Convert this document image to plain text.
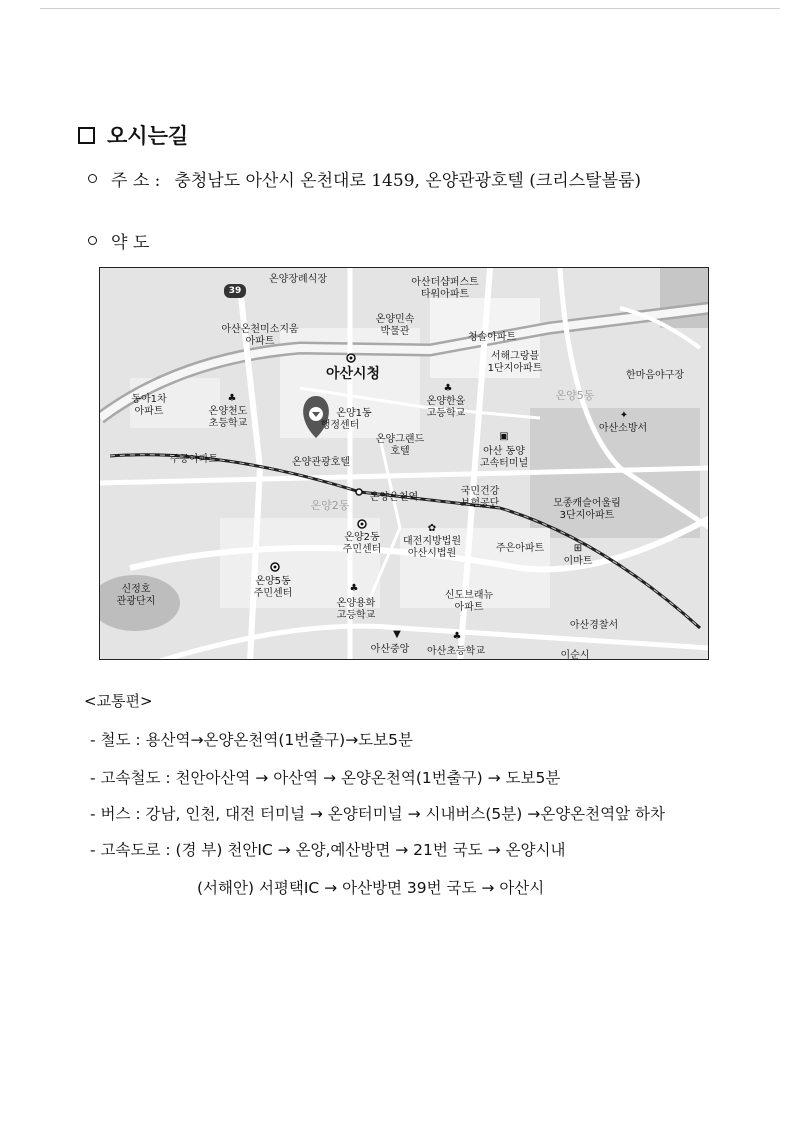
오시는길
주 소 : 충청남도 아산시 온천대로 1459, 온양관광호텔 (크리스탈볼룸)
약 도
39
온양장례식장	아산더샵퍼스트
타워아파트
아산온천미소지움
아파트
온양민속
박물관
청솔아파트
서해그랑블
1단지아파트
아산시청
동아1차
아파트
♣
온양천도
초등학교
온양1동
행정센터
♣
온양한올
고등학교
한마음야구장
온양5동
✦
아산소방서
온양그랜드
호텔
▣
아산 동양
고속터미널
주공아파트	온양관광호텔
온양온천역
국민건강
보험공단	모종캐슬어울림
3단지아파트
온양2동
온양2동
주민센터
✿
대전지방법원
아산시법원	주은아파트	⊞
이마트
신정호
관광단지
온양5동
주민센터	♣
온양용화
고등학교
신도브래뉴
아파트
아산경찰서
▼
아산중앙
♣
아산초등학교	이순시
<교통편>
- 철도 : 용산역→온양온천역(1번출구)→도보5분
- 고속철도 : 천안아산역 → 아산역 → 온양온천역(1번출구) → 도보5분
- 버스 : 강남, 인천, 대전 터미널 → 온양터미널 → 시내버스(5분) →온양온천역앞 하차
- 고속도로 : (경 부) 천안IC → 온양,예산방면 → 21번 국도 → 온양시내
(서해안) 서평택IC → 아산방면 39번 국도 → 아산시
